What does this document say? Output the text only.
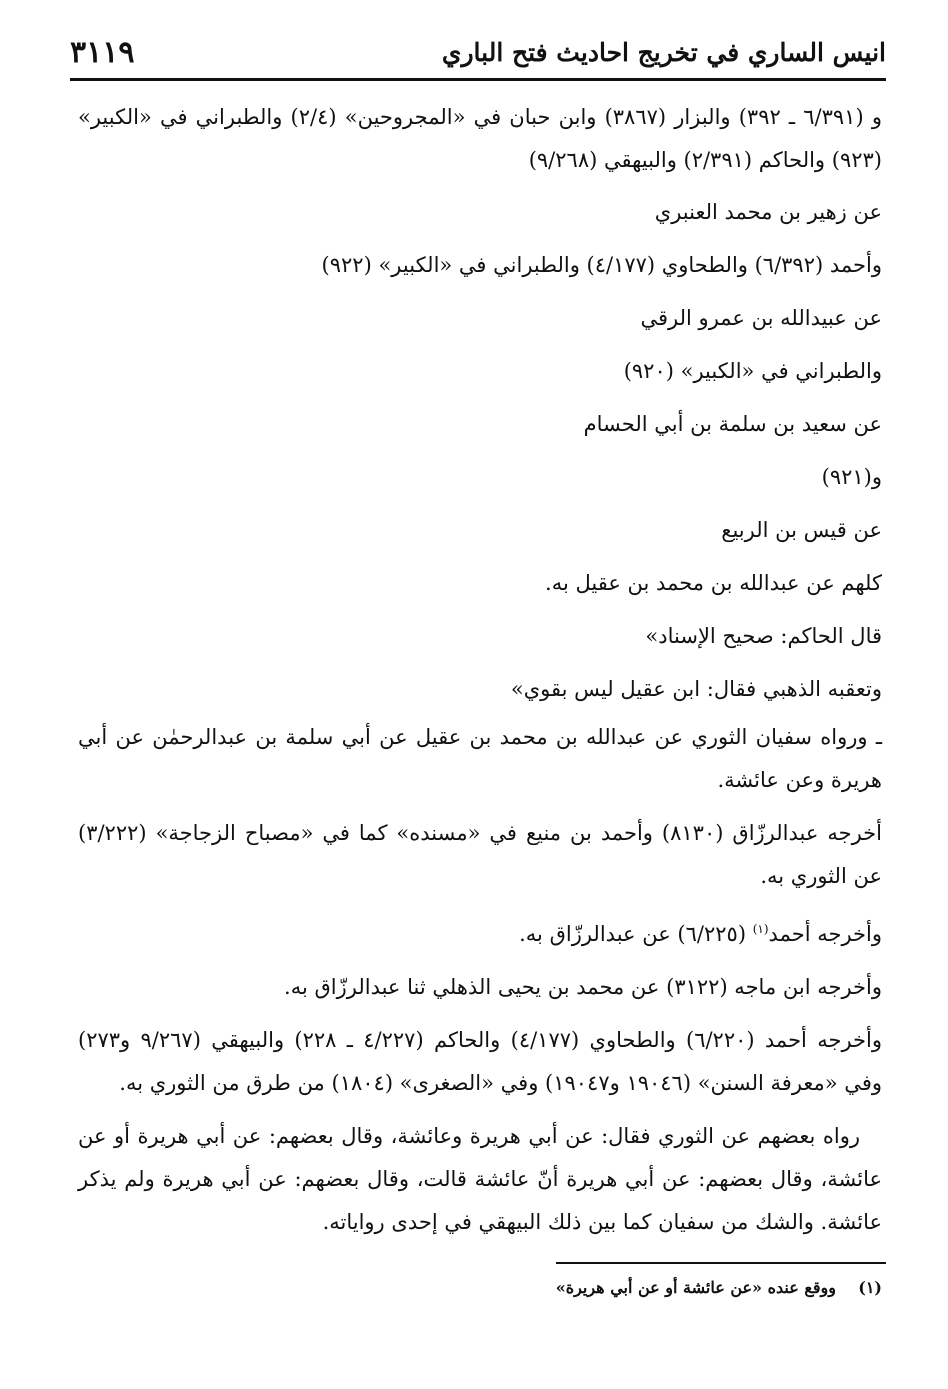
٣١١٩	انيس الساري في تخريج احاديث فتح الباري

و (٦/٣٩١ ـ ٣٩٢) والبزار (٣٨٦٧) وابن حبان في «المجروحين» (٢/٤) والطبراني في «الكبير» (٩٢٣) والحاكم (٢/٣٩١) والبيهقي (٩/٢٦٨)

عن زهير بن محمد العنبري

وأحمد (٦/٣٩٢) والطحاوي (٤/١٧٧) والطبراني في «الكبير» (٩٢٢)

عن عبيدالله بن عمرو الرقي

والطبراني في «الكبير» (٩٢٠)

عن سعيد بن سلمة بن أبي الحسام

و(٩٢١)

عن قيس بن الربيع

كلهم عن عبدالله بن محمد بن عقيل به.

قال الحاكم: صحيح الإسناد»

وتعقبه الذهبي فقال: ابن عقيل ليس بقوي»

ـ ورواه سفيان الثوري عن عبدالله بن محمد بن عقيل عن أبي سلمة بن عبدالرحمٰن عن أبي هريرة وعن عائشة.

أخرجه عبدالرزّاق (٨١٣٠) وأحمد بن منيع في «مسنده» كما في «مصباح الزجاجة» (٣/٢٢٢) عن الثوري به.

وأخرجه أحمد$^{(١)}$ (٦/٢٢٥) عن عبدالرزّاق به.

وأخرجه ابن ماجه (٣١٢٢) عن محمد بن يحيى الذهلي ثنا عبدالرزّاق به.

وأخرجه أحمد (٦/٢٢٠) والطحاوي (٤/١٧٧) والحاكم (٤/٢٢٧ ـ ٢٢٨) والبيهقي (٩/٢٦٧ و٢٧٣) وفي «معرفة السنن» (١٩٠٤٦ و١٩٠٤٧) وفي «الصغرى» (١٨٠٤) من طرق من الثوري به.

رواه بعضهم عن الثوري فقال: عن أبي هريرة وعائشة، وقال بعضهم: عن أبي هريرة أو عن عائشة، وقال بعضهم: عن أبي هريرة أنّ عائشة قالت، وقال بعضهم: عن أبي هريرة ولم يذكر عائشة. والشك من سفيان كما بين ذلك البيهقي في إحدى رواياته.

(١)    ووقع عنده «عن عائشة أو عن أبي هريرة»
